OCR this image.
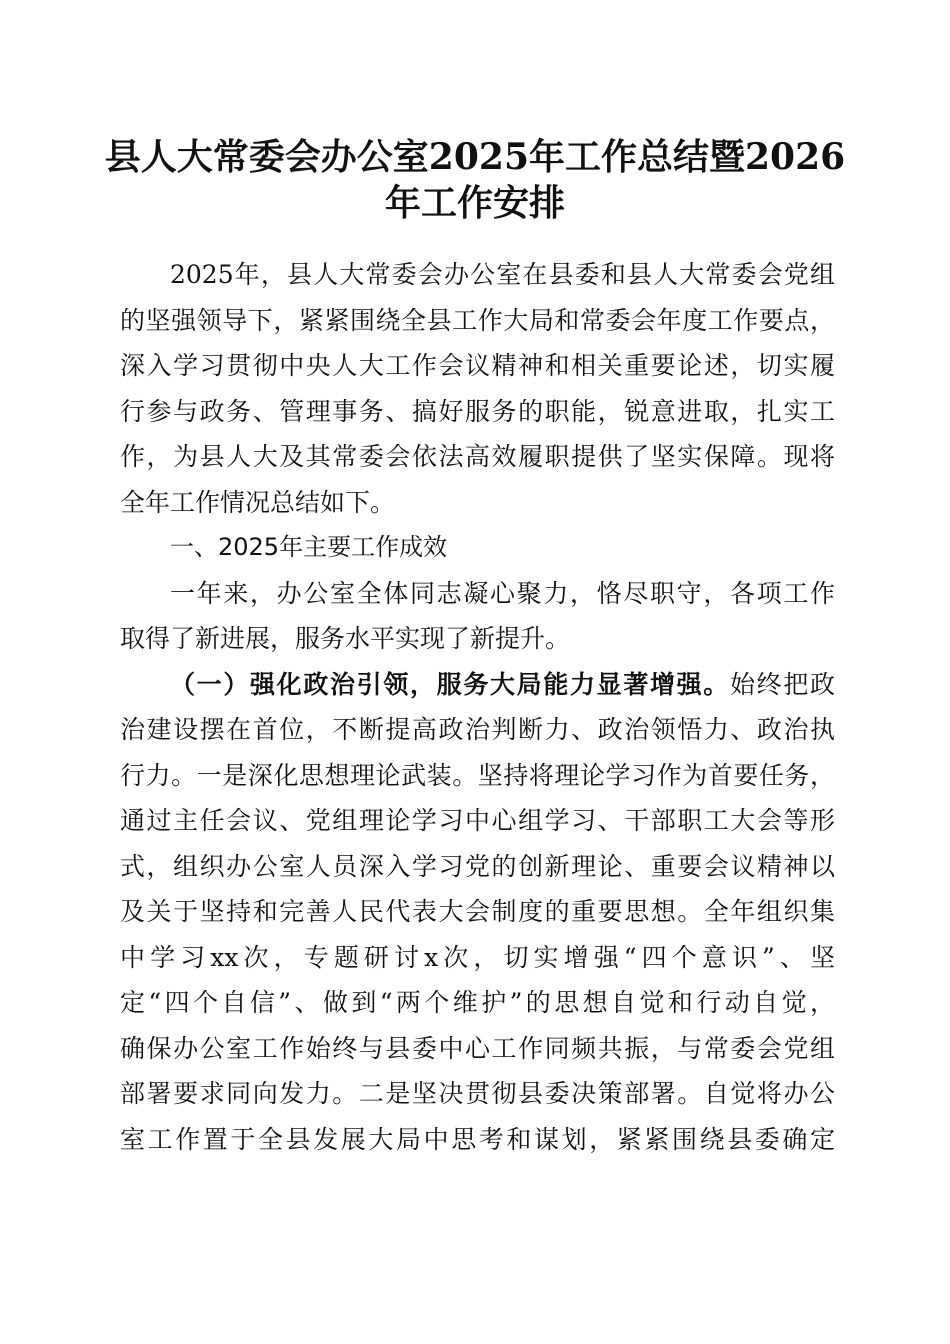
县人大常委会办公室2025年工作总结暨2026
年工作安排
2025年，县人大常委会办公室在县委和县人大常委会党组
的坚强领导下，紧紧围绕全县工作大局和常委会年度工作要点，
深入学习贯彻中央人大工作会议精神和相关重要论述，切实履
行参与政务、管理事务、搞好服务的职能，锐意进取，扎实工
作，为县人大及其常委会依法高效履职提供了坚实保障。现将
全年工作情况总结如下。
一、2025年主要工作成效
一年来，办公室全体同志凝心聚力，恪尽职守，各项工作
取得了新进展，服务水平实现了新提升。
（一）强化政治引领，服务大局能力显著增强。始终把政
治建设摆在首位，不断提高政治判断力、政治领悟力、政治执
行力。一是深化思想理论武装。坚持将理论学习作为首要任务，
通过主任会议、党组理论学习中心组学习、干部职工大会等形
式，组织办公室人员深入学习党的创新理论、重要会议精神以
及关于坚持和完善人民代表大会制度的重要思想。全年组织集
中学习xx次，专题研讨x次，切实增强“四个意识”、坚
定“四个自信”、做到“两个维护”的思想自觉和行动自觉，
确保办公室工作始终与县委中心工作同频共振，与常委会党组
部署要求同向发力。二是坚决贯彻县委决策部署。自觉将办公
室工作置于全县发展大局中思考和谋划，紧紧围绕县委确定
